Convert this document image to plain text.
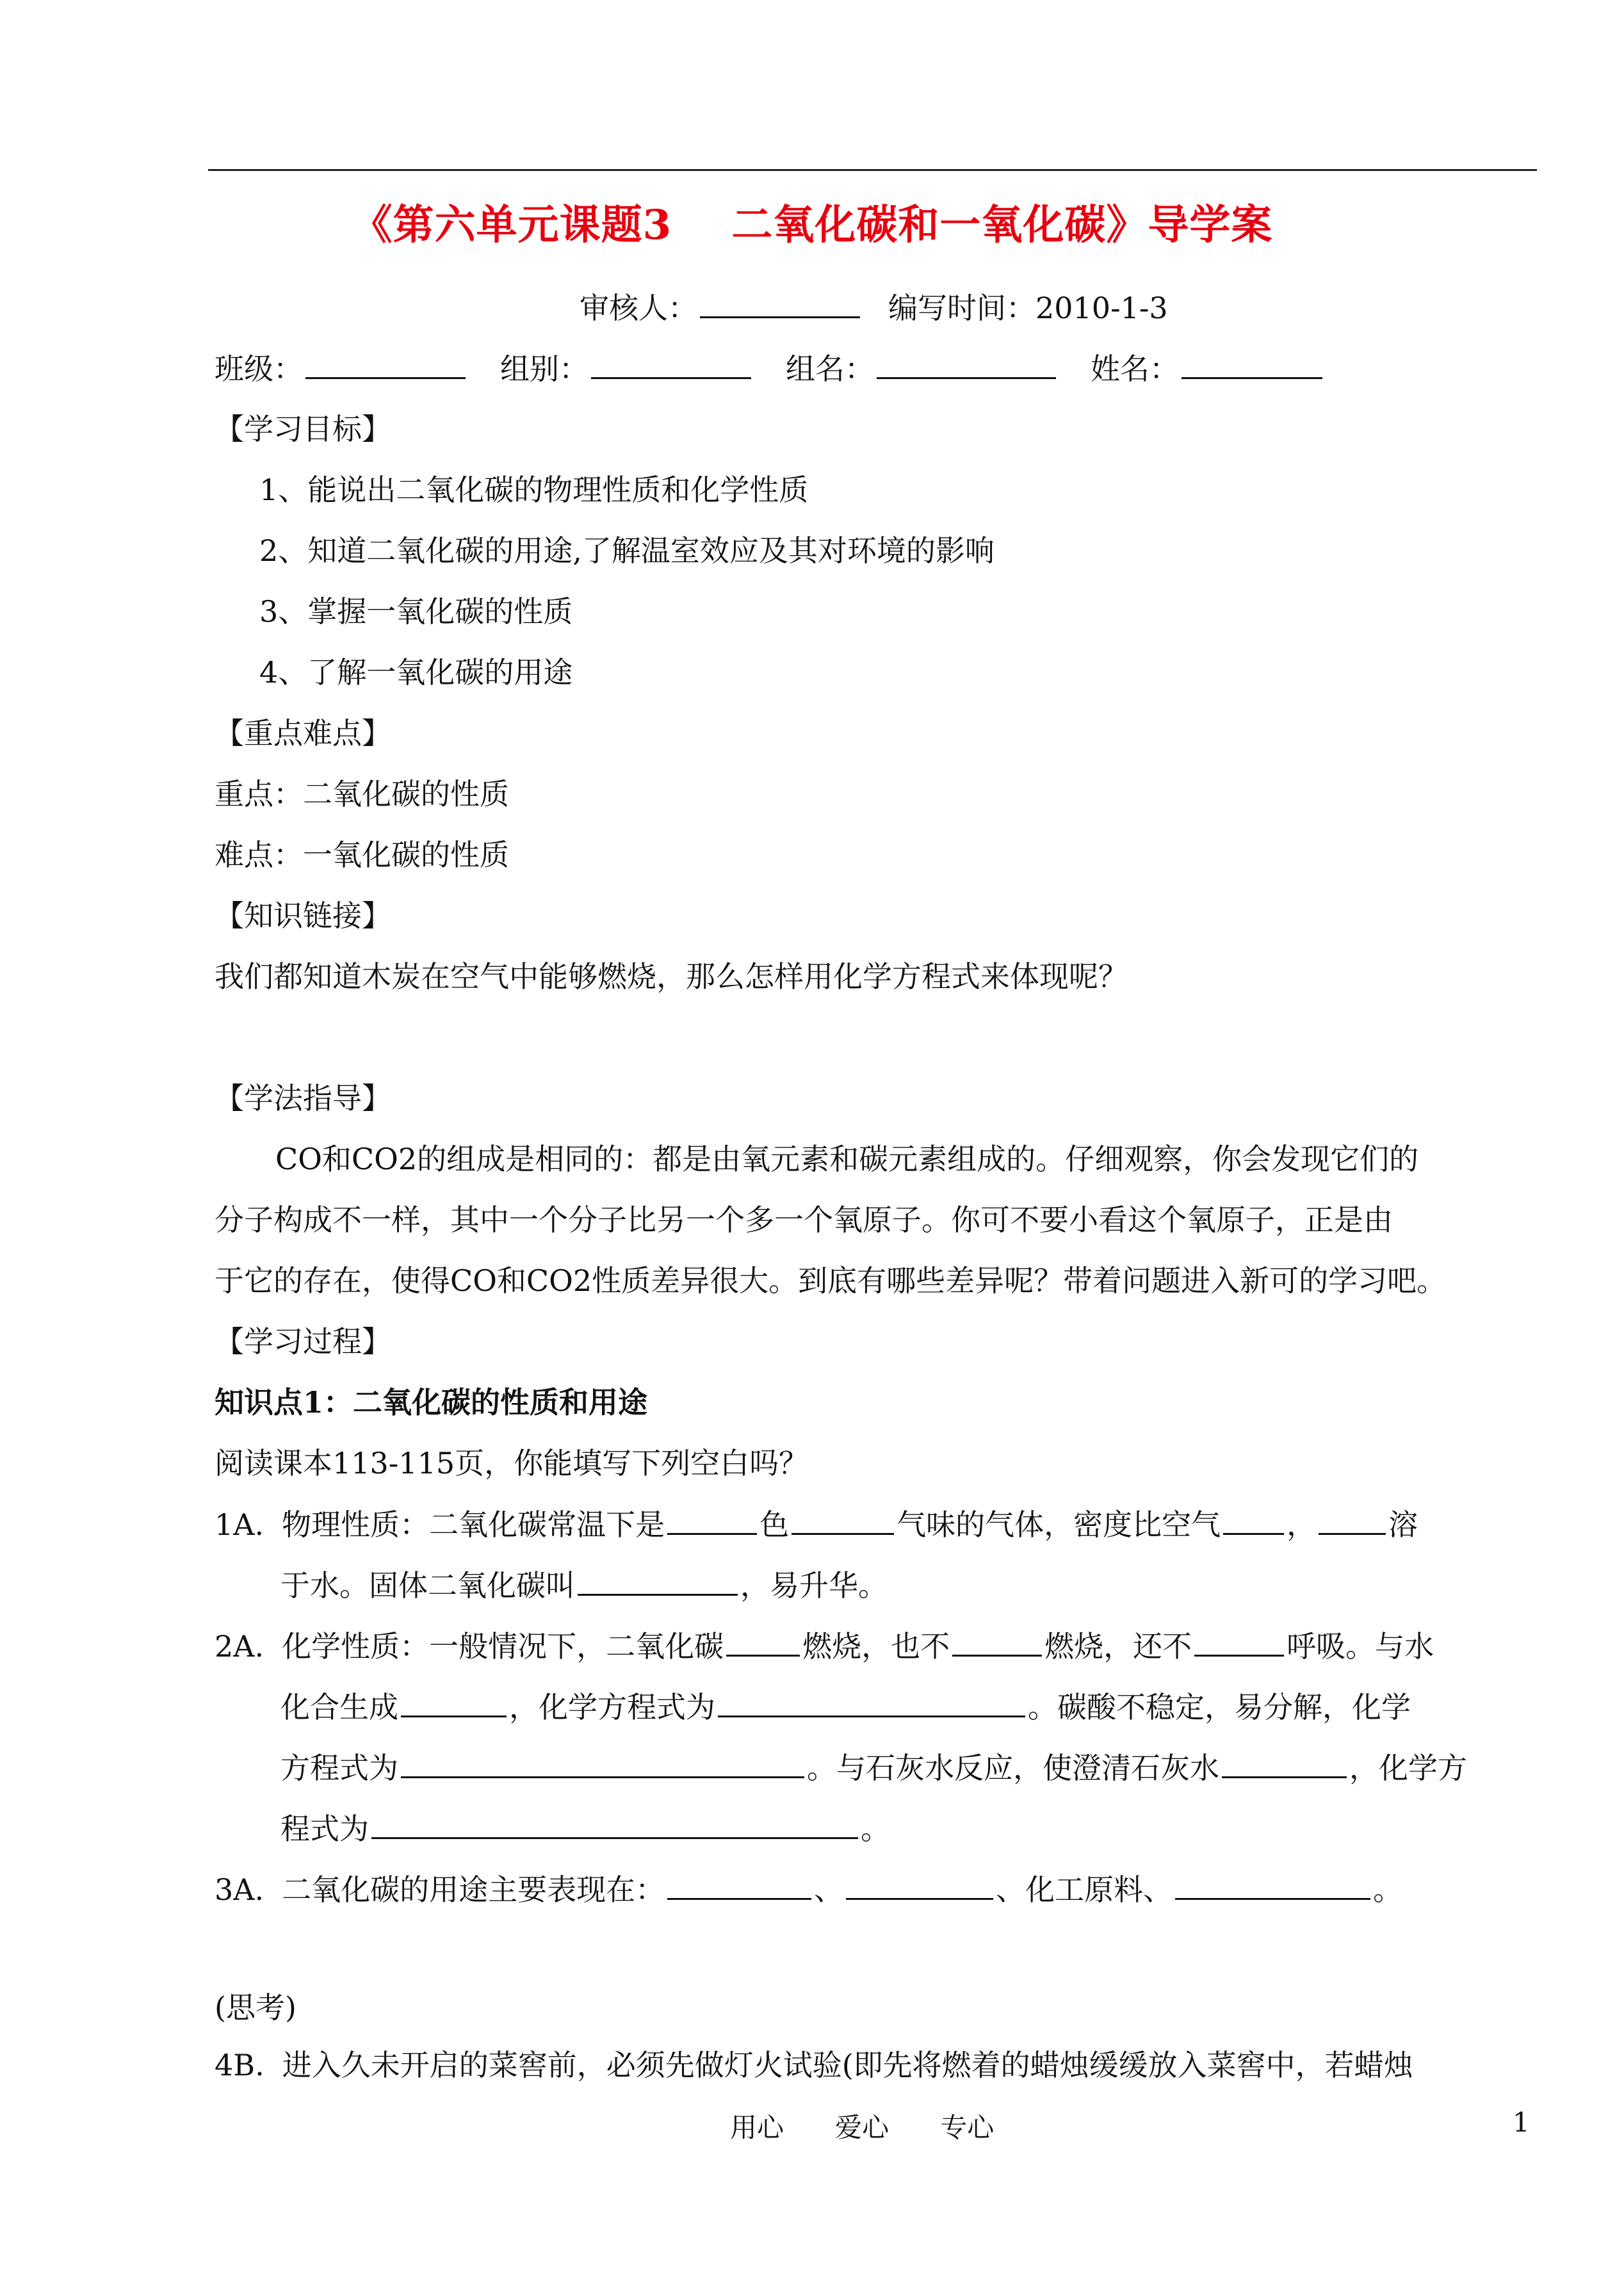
《第六单元课题3    二氧化碳和一氧化碳》导学案
审核人：	编写时间：2010-1-3
班级：	组别：	组名：	姓名：
【学习目标】
1、能说出二氧化碳的物理性质和化学性质
2、知道二氧化碳的用途,了解温室效应及其对环境的影响
3、掌握一氧化碳的性质
4、了解一氧化碳的用途
【重点难点】
重点：二氧化碳的性质
难点：一氧化碳的性质
【知识链接】
我们都知道木炭在空气中能够燃烧，那么怎样用化学方程式来体现呢？
【学法指导】
CO和CO2的组成是相同的：都是由氧元素和碳元素组成的。仔细观察，你会发现它们的
分子构成不一样，其中一个分子比另一个多一个氧原子。你可不要小看这个氧原子，正是由
于它的存在，使得CO和CO2性质差异很大。到底有哪些差异呢？带着问题进入新可的学习吧。
【学习过程】
知识点1：二氧化碳的性质和用途
阅读课本113-115页，你能填写下列空白吗？
1A. 物理性质：二氧化碳常温下是	色	气味的气体，密度比空气 ， 溶
于水。固体二氧化碳叫	，易升华。
2A. 化学性质：一般情况下，二氧化碳	燃烧，也不	燃烧，还不	呼吸。与水
化合生成	，化学方程式为	。碳酸不稳定，易分解，化学
方程式为	。与石灰水反应，使澄清石灰水	，化学方
程式为	。
3A. 二氧化碳的用途主要表现在：	、	、化工原料、	。
(思考)
4B. 进入久未开启的菜窖前，必须先做灯火试验(即先将燃着的蜡烛缓缓放入菜窖中，若蜡烛
用心      爱心      专心	1
